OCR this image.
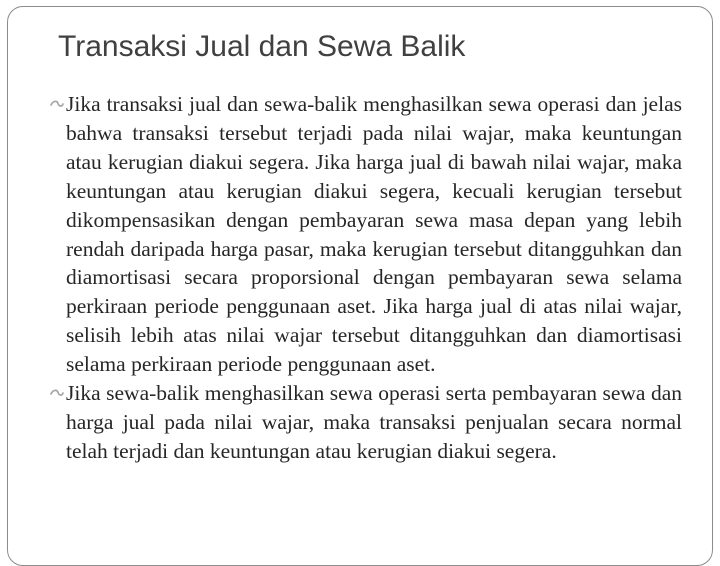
Transaksi Jual dan Sewa Balik
Jika transaksi jual dan sewa-balik menghasilkan sewa operasi dan jelas bahwa transaksi tersebut terjadi pada nilai wajar, maka keuntungan atau kerugian diakui segera. Jika harga jual di bawah nilai wajar, maka keuntungan atau kerugian diakui segera, kecuali kerugian tersebut dikompensasikan dengan pembayaran sewa masa depan yang lebih rendah daripada harga pasar, maka kerugian tersebut ditangguhkan dan diamortisasi secara proporsional dengan pembayaran sewa selama perkiraan periode penggunaan aset. Jika harga jual di atas nilai wajar, selisih lebih atas nilai wajar tersebut ditangguhkan dan diamortisasi selama perkiraan periode penggunaan aset.
Jika sewa-balik menghasilkan sewa operasi serta pembayaran sewa dan harga jual pada nilai wajar, maka transaksi penjualan secara normal telah terjadi dan keuntungan atau kerugian diakui segera.
